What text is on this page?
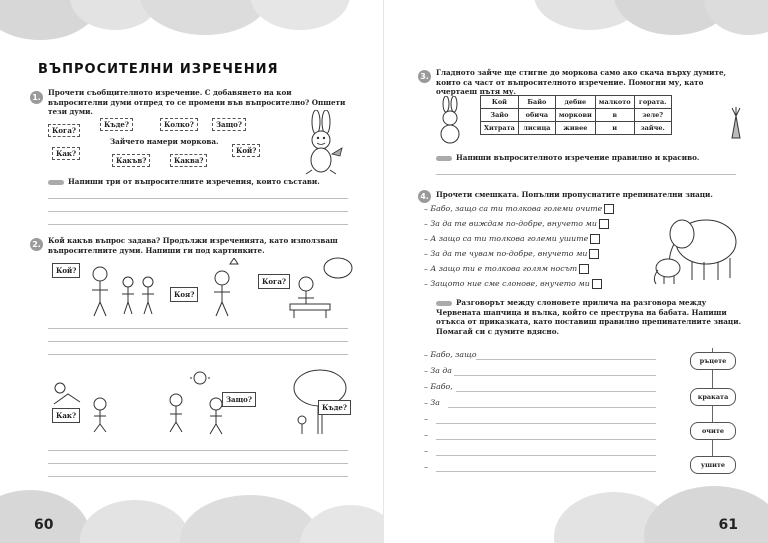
ВЪПРОСИТЕЛНИ ИЗРЕЧЕНИЯ
1.
Прочети съобщителното изречение. С добавянето на кои въпросителни думи отпред то се промени във въпросително? Oпшети тези думи.
Кога?
Къде?	Колко?	Защо?
Зайчето намери морковa.
Как?
Какъв?	Каква?
Кой?
Напиши три от въпросителните изречения, които състави.
2.	Кой какъв въпрос задава? Продължи изреченията, като използваш въпросителните думи. Напиши ги под картинките.
Кой?
Коя?
Кога?
Как?
Защо?
Къде?
60
3.	Гладното зайче ще стигне до морковa само ако скача върху думите, които са част от въпросителното изречение. Помогни му, като очертаеш пътя му.
Кой	Байо	дебне	малкото	горатa.
Зайо	обича	моркови	в	зеле?
Хитрата	лисица	живее	и	зайче.
Напиши въпросителното изречение правилно и красиво.
4.	Прочети смешката. Попълни пропуснатите препинателни знаци.
– Бабо, защо са ти толкова големи очите
– За да те виждам по-добре, внучето ми
– А защо са ти толкова големи ушите
– За да те чувам по-добре, внучето ми
– А защо ти е толкова голям носът
– Защото ние сме слонове, внучето ми
Разговорът между слоновете прилича на разговора между Червената шапчица и вълка, който се преструва на бабата. Напиши отъкса от приказката, като постaвиш правилно препинателните знаци. Помагай си с думите вдясно.
– Бабо, защо
– За да
– Бабо,
– За
–
–
–
–
ръцете
краката
очите
ушите
61
